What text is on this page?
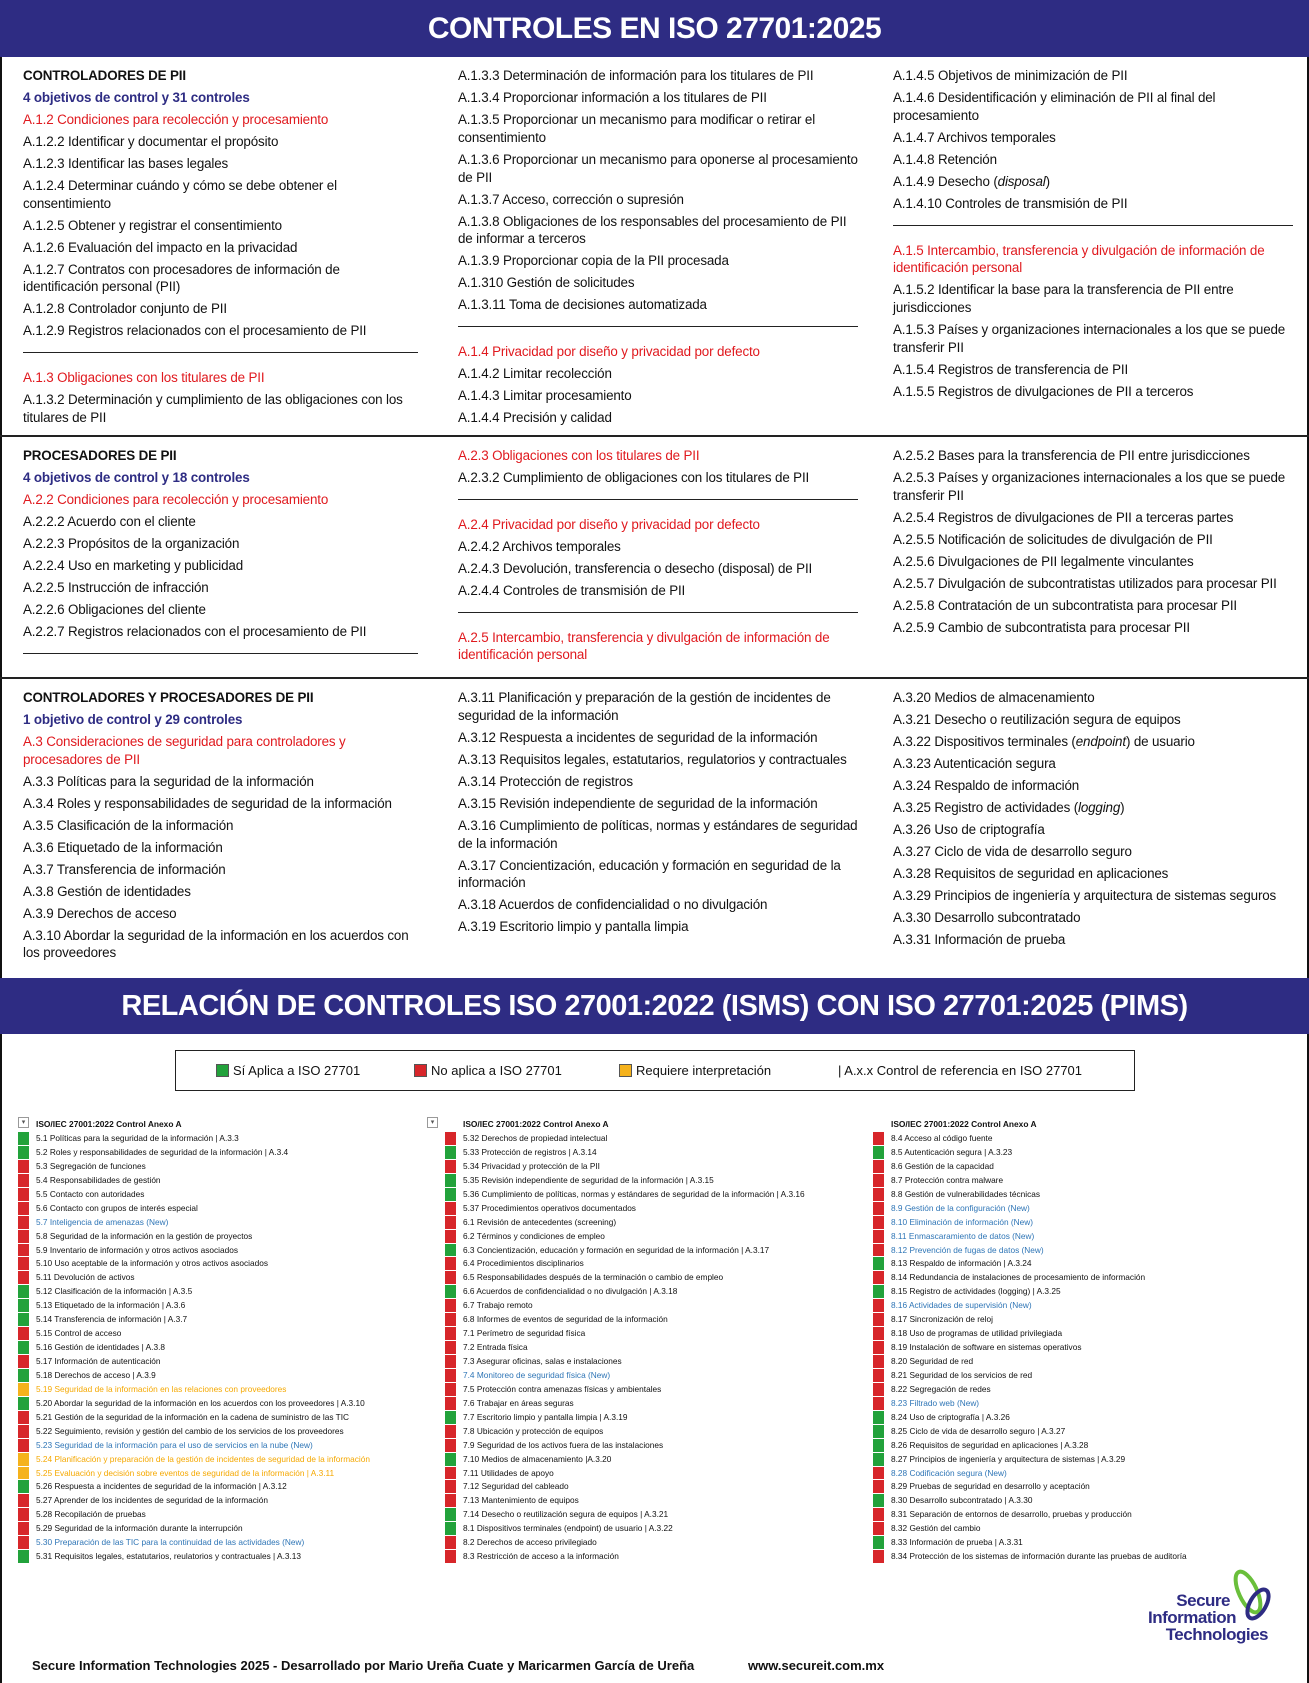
CONTROLES EN ISO 27701:2025
CONTROLADORES DE PII
4 objetivos de control y 31 controles
A.1.2 Condiciones para recolección y procesamiento
A.1.2.2 Identificar y documentar el propósito
A.1.2.3 Identificar las bases legales
A.1.2.4 Determinar cuándo y cómo se debe obtener el consentimiento
A.1.2.5 Obtener y registrar el consentimiento
A.1.2.6 Evaluación del impacto en la privacidad
A.1.2.7 Contratos con procesadores de información de identificación personal (PII)
A.1.2.8 Controlador conjunto de PII
A.1.2.9 Registros relacionados con el procesamiento de PII
A.1.3 Obligaciones con los titulares de PII
A.1.3.2 Determinación y cumplimiento de las obligaciones con los titulares de PII
A.1.3.3 Determinación de información para los titulares de PII
A.1.3.4 Proporcionar información a los titulares de PII
A.1.3.5 Proporcionar un mecanismo para modificar o retirar el consentimiento
A.1.3.6 Proporcionar un mecanismo para oponerse al procesamiento de PII
A.1.3.7 Acceso, corrección o supresión
A.1.3.8 Obligaciones de los responsables del procesamiento de PII de informar a terceros
A.1.3.9 Proporcionar copia de la PII procesada
A.1.310 Gestión de solicitudes
A.1.3.11 Toma de decisiones automatizada
A.1.4 Privacidad por diseño y privacidad por defecto
A.1.4.2 Limitar recolección
A.1.4.3 Limitar procesamiento
A.1.4.4 Precisión y calidad
A.1.4.5 Objetivos de minimización de PII
A.1.4.6 Desidentificación y eliminación de PII al final del procesamiento
A.1.4.7 Archivos temporales
A.1.4.8 Retención
A.1.4.9 Desecho (disposal)
A.1.4.10 Controles de transmisión de PII
A.1.5 Intercambio, transferencia y divulgación de información de identificación personal
A.1.5.2 Identificar la base para la transferencia de PII entre jurisdicciones
A.1.5.3 Países y organizaciones internacionales a los que se puede transferir PII
A.1.5.4 Registros de transferencia de PII
A.1.5.5 Registros de divulgaciones de PII a terceros
PROCESADORES DE PII
4 objetivos de control y 18 controles
A.2.2 Condiciones para recolección y procesamiento
A.2.2.2 Acuerdo con el cliente
A.2.2.3 Propósitos de la organización
A.2.2.4 Uso en marketing y publicidad
A.2.2.5 Instrucción de infracción
A.2.2.6 Obligaciones del cliente
A.2.2.7 Registros relacionados con el procesamiento de PII
A.2.3 Obligaciones con los titulares de PII
A.2.3.2 Cumplimiento de obligaciones con los titulares de PII
A.2.4 Privacidad por diseño y privacidad por defecto
A.2.4.2 Archivos temporales
A.2.4.3 Devolución, transferencia o desecho (disposal) de PII
A.2.4.4 Controles de transmisión de PII
A.2.5 Intercambio, transferencia y divulgación de información de identificación personal
A.2.5.2 Bases para la transferencia de PII entre jurisdicciones
A.2.5.3 Países y organizaciones internacionales a los que se puede transferir PII
A.2.5.4 Registros de divulgaciones de PII a terceras partes
A.2.5.5 Notificación de solicitudes de divulgación de PII
A.2.5.6 Divulgaciones de PII legalmente vinculantes
A.2.5.7 Divulgación de subcontratistas utilizados para procesar PII
A.2.5.8 Contratación de un subcontratista para procesar PII
A.2.5.9 Cambio de subcontratista para procesar PII
CONTROLADORES Y PROCESADORES DE PII
1 objetivo de control y 29 controles
A.3 Consideraciones de seguridad para controladores y procesadores de PII
A.3.3 Políticas para la seguridad de la información
A.3.4 Roles y responsabilidades de seguridad de la información
A.3.5 Clasificación de la información
A.3.6 Etiquetado de la información
A.3.7 Transferencia de información
A.3.8 Gestión de identidades
A.3.9 Derechos de acceso
A.3.10 Abordar la seguridad de la información en los acuerdos con los proveedores
A.3.11 Planificación y preparación de la gestión de incidentes de seguridad de la información
A.3.12 Respuesta a incidentes de seguridad de la información
A.3.13 Requisitos legales, estatutarios, regulatorios y contractuales
A.3.14 Protección de registros
A.3.15 Revisión independiente de seguridad de la información
A.3.16 Cumplimiento de políticas, normas y estándares de seguridad de la información
A.3.17 Concientización, educación y formación en seguridad de la información
A.3.18 Acuerdos de confidencialidad o no divulgación
A.3.19 Escritorio limpio y pantalla limpia
A.3.20 Medios de almacenamiento
A.3.21 Desecho o reutilización segura de equipos
A.3.22 Dispositivos terminales (endpoint) de usuario
A.3.23 Autenticación segura
A.3.24 Respaldo de información
A.3.25 Registro de actividades (logging)
A.3.26 Uso de criptografía
A.3.27 Ciclo de vida de desarrollo seguro
A.3.28 Requisitos de seguridad en aplicaciones
A.3.29 Principios de ingeniería y arquitectura de sistemas seguros
A.3.30 Desarrollo subcontratado
A.3.31 Información de prueba
RELACIÓN DE CONTROLES ISO 27001:2022 (ISMS) CON ISO 27701:2025 (PIMS)
Sí Aplica a ISO 27701	No aplica a ISO 27701	Requiere interpretación	| A.x.x Control de referencia en ISO 27701
▾	▾
ISO/IEC 27001:2022 Control Anexo A
5.1 Políticas para la seguridad de la información | A.3.3
5.2 Roles y responsabilidades de seguridad de la información | A.3.4
5.3 Segregación de funciones
5.4 Responsabilidades de gestión
5.5 Contacto con autoridades
5.6 Contacto con grupos de interés especial
5.7 Inteligencia de amenazas (New)
5.8 Seguridad de la información en la gestión de proyectos
5.9 Inventario de información y otros activos asociados
5.10 Uso aceptable de la información y otros activos asociados
5.11 Devolución de activos
5.12 Clasificación de la información | A.3.5
5.13 Etiquetado de la información | A.3.6
5.14 Transferencia de información | A.3.7
5.15 Control de acceso
5.16 Gestión de identidades | A.3.8
5.17 Información de autenticación
5.18 Derechos de acceso | A.3.9
5.19 Seguridad de la información en las relaciones con proveedores
5.20 Abordar la seguridad de la información en los acuerdos con los proveedores | A.3.10
5.21 Gestión de la seguridad de la información en la cadena de suministro de las TIC
5.22 Seguimiento, revisión y gestión del cambio de los servicios de los proveedores
5.23 Seguridad de la información para el uso de servicios en la nube (New)
5.24 Planificación y preparación de la gestión de incidentes de seguridad de la información
5.25 Evaluación y decisión sobre eventos de seguridad de la información | A.3.11
5.26 Respuesta a incidentes de seguridad de la información | A.3.12
5.27 Aprender de los incidentes de seguridad de la información
5.28 Recopilación de pruebas
5.29 Seguridad de la información durante la interrupción
5.30 Preparación de las TIC para la continuidad de las actividades (New)
5.31 Requisitos legales, estatutarios, reulatorios y contractuales | A.3.13
ISO/IEC 27001:2022 Control Anexo A
5.32 Derechos de propiedad intelectual
5.33 Protección de registros | A.3.14
5.34 Privacidad y protección de la PII
5.35 Revisión independiente de seguridad de la información | A.3.15
5.36 Cumplimiento de políticas, normas y estándares de seguridad de la información | A.3.16
5.37 Procedimientos operativos documentados
6.1 Revisión de antecedentes (screening)
6.2 Términos y condiciones de empleo
6.3 Concientización, educación y formación en seguridad de la información | A.3.17
6.4 Procedimientos disciplinarios
6.5 Responsabilidades después de la terminación o cambio de empleo
6.6 Acuerdos de confidencialidad o no divulgación | A.3.18
6.7 Trabajo remoto
6.8 Informes de eventos de seguridad de la información
7.1 Perímetro de seguridad física
7.2 Entrada física
7.3 Asegurar oficinas, salas e instalaciones
7.4 Monitoreo de seguridad física (New)
7.5 Protección contra amenazas físicas y ambientales
7.6 Trabajar en áreas seguras
7.7 Escritorio limpio y pantalla limpia | A.3.19
7.8 Ubicación y protección de equipos
7.9 Seguridad de los activos fuera de las instalaciones
7.10 Medios de almacenamiento |A.3.20
7.11 Utilidades de apoyo
7.12 Seguridad del cableado
7.13 Mantenimiento de equipos
7.14 Desecho o reutilización segura de equipos | A.3.21
8.1 Dispositivos terminales (endpoint) de usuario | A.3.22
8.2 Derechos de acceso privilegiado
8.3 Restricción de acceso a la información
ISO/IEC 27001:2022 Control Anexo A
8.4 Acceso al código fuente
8.5 Autenticación segura | A.3.23
8.6 Gestión de la capacidad
8.7 Protección contra malware
8.8 Gestión de vulnerabilidades técnicas
8.9 Gestión de la configuración (New)
8.10 Eliminación de información (New)
8.11 Enmascaramiento de datos (New)
8.12 Prevención de fugas de datos (New)
8.13 Respaldo de información | A.3.24
8.14 Redundancia de instalaciones de procesamiento de información
8.15 Registro de actividades (logging) | A.3.25
8.16 Actividades de supervisión (New)
8.17 Sincronización de reloj
8.18 Uso de programas de utilidad privilegiada
8.19 Instalación de software en sistemas operativos
8.20 Seguridad de red
8.21 Seguridad de los servicios de red
8.22 Segregación de redes
8.23 Filtrado web (New)
8.24 Uso de criptografía | A.3.26
8.25 Ciclo de vida de desarrollo seguro | A.3.27
8.26 Requisitos de seguridad en aplicaciones | A.3.28
8.27 Principios de ingeniería y arquitectura de sistemas | A.3.29
8.28 Codificación segura (New)
8.29 Pruebas de seguridad en desarrollo y aceptación
8.30 Desarrollo subcontratado | A.3.30
8.31 Separación de entornos de desarrollo, pruebas y producción
8.32 Gestión del cambio
8.33 Información de prueba | A.3.31
8.34 Protección de los sistemas de información durante las pruebas de auditoría
Secure
Information
Technologies
Secure Information Technologies 2025 - Desarrollado por Mario Ureña Cuate y Maricarmen García de Ureña	www.secureit.com.mx
